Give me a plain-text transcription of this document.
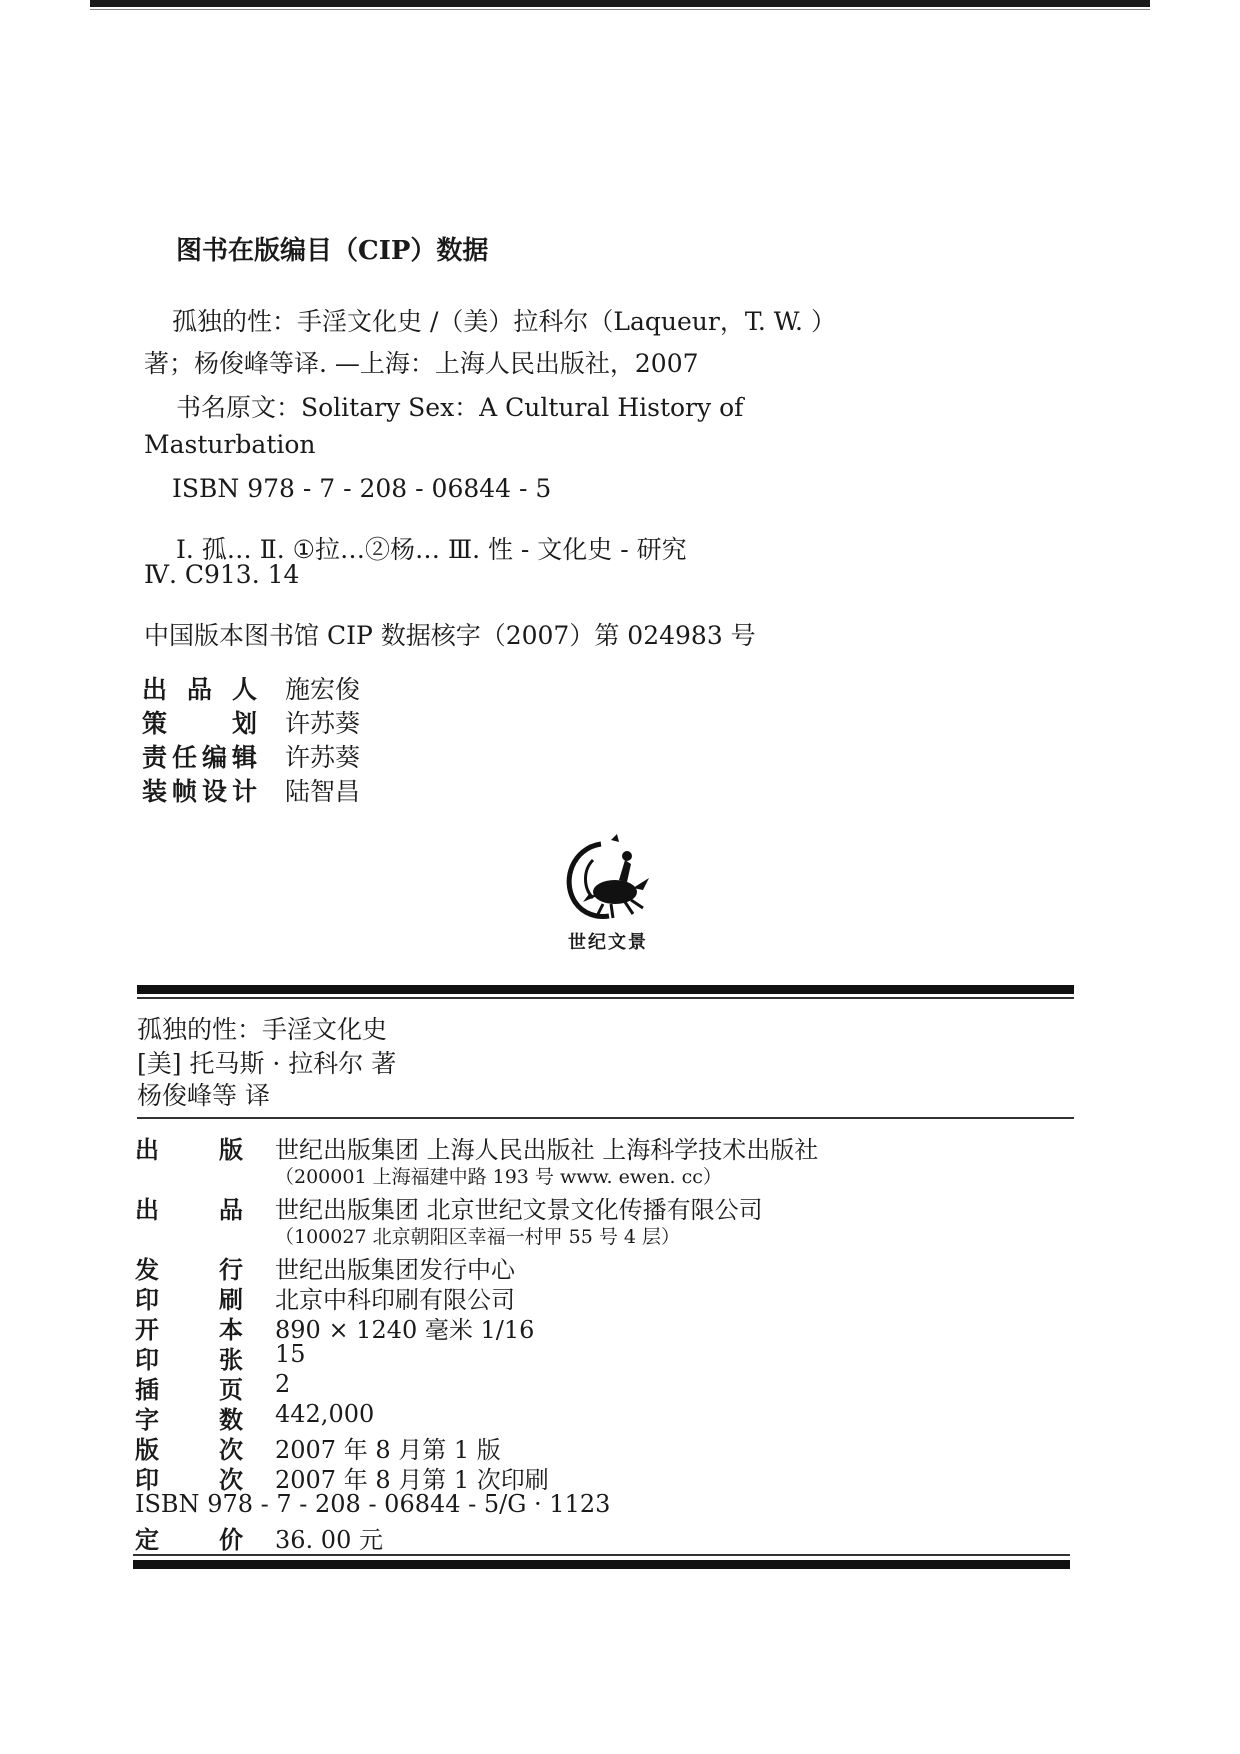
图书在版编目（CIP）数据
孤独的性：手淫文化史 /（美）拉科尔（Laqueur，T. W. ）
著；杨俊峰等译. —上海：上海人民出版社，2007
书名原文：Solitary Sex：A Cultural History of
Masturbation
ISBN 978 - 7 - 208 - 06844 - 5
Ⅰ. 孤… Ⅱ. ①拉…②杨… Ⅲ. 性 - 文化史 - 研究
Ⅳ. C913. 14
中国版本图书馆 CIP 数据核字（2007）第 024983 号
出品人 施宏俊
策划 许苏葵
责任编辑 许苏葵
装帧设计 陆智昌
世纪文景
孤独的性：手淫文化史
[美] 托马斯 · 拉科尔 著
杨俊峰等 译
出	版 世纪出版集团 上海人民出版社 上海科学技术出版社
（200001 上海福建中路 193 号 www. ewen. cc）
出	品 世纪出版集团 北京世纪文景文化传播有限公司
（100027 北京朝阳区幸福一村甲 55 号 4 层）
发	行 世纪出版集团发行中心
印	刷 北京中科印刷有限公司
开	本 890 × 1240 毫米 1/16
印	张 15
插	页 2
字	数 442,000
版	次 2007 年 8 月第 1 版
印	次 2007 年 8 月第 1 次印刷
ISBN 978 - 7 - 208 - 06844 - 5/G · 1123
定	价 36. 00 元
